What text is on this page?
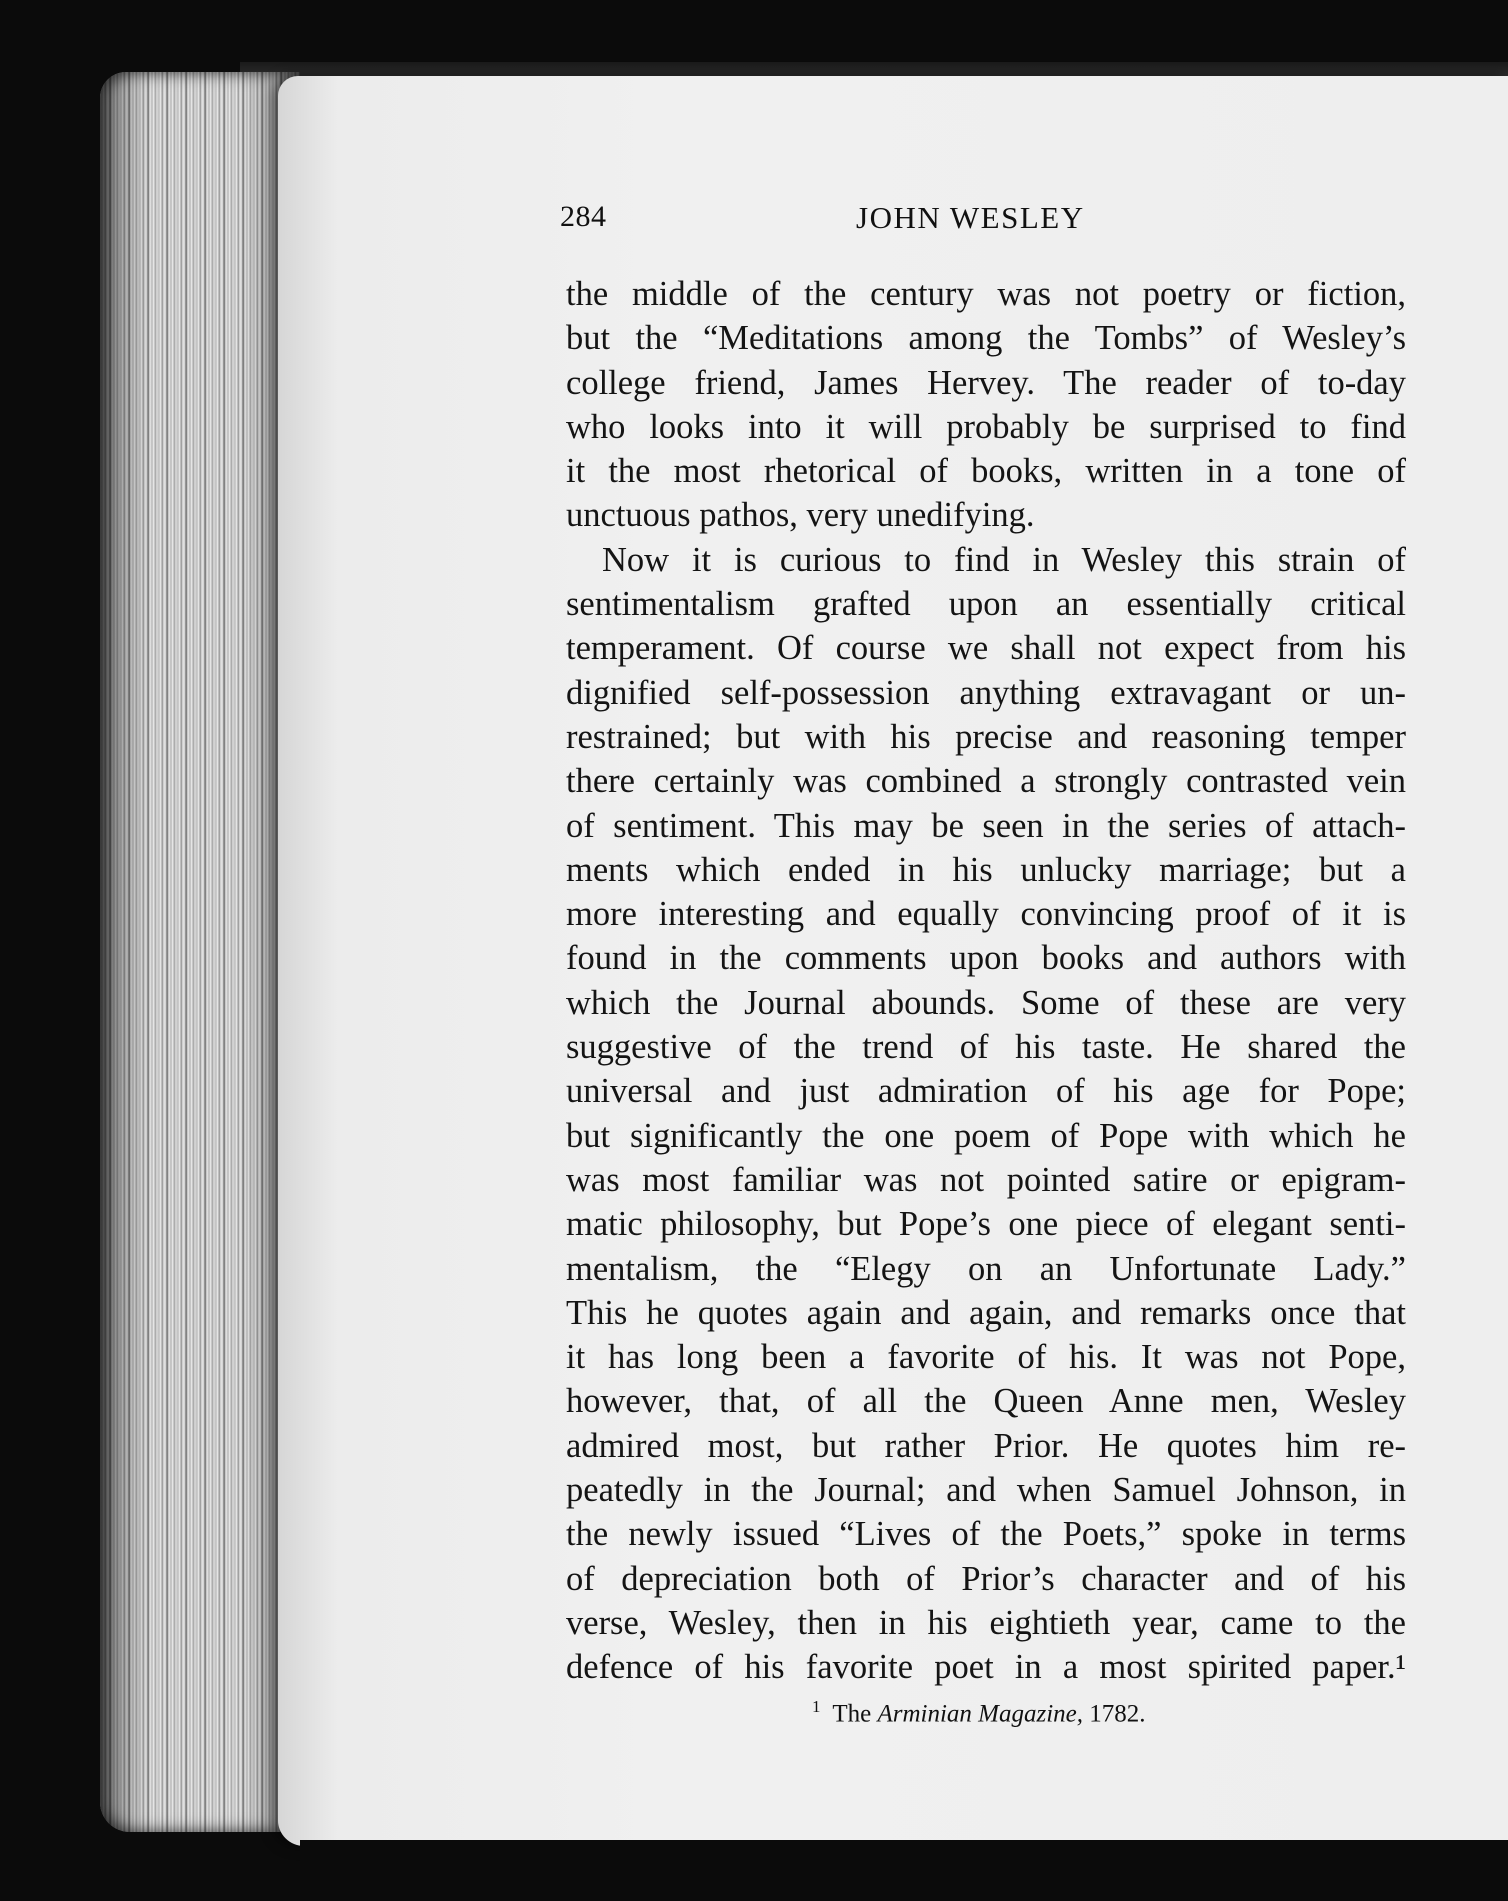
284	JOHN WESLEY
the middle of the century was not poetry or fiction,
but the “Meditations among the Tombs” of Wesley’s
college friend, James Hervey. The reader of to-day
who looks into it will probably be surprised to find
it the most rhetorical of books, written in a tone of
unctuous pathos, very unedifying.
Now it is curious to find in Wesley this strain of
sentimentalism grafted upon an essentially critical
temperament. Of course we shall not expect from his
dignified self-possession anything extravagant or un-
restrained; but with his precise and reasoning temper
there certainly was combined a strongly contrasted vein
of sentiment. This may be seen in the series of attach-
ments which ended in his unlucky marriage; but a
more interesting and equally convincing proof of it is
found in the comments upon books and authors with
which the Journal abounds. Some of these are very
suggestive of the trend of his taste. He shared the
universal and just admiration of his age for Pope;
but significantly the one poem of Pope with which he
was most familiar was not pointed satire or epigram-
matic philosophy, but Pope’s one piece of elegant senti-
mentalism, the “Elegy on an Unfortunate Lady.”
This he quotes again and again, and remarks once that
it has long been a favorite of his. It was not Pope,
however, that, of all the Queen Anne men, Wesley
admired most, but rather Prior. He quotes him re-
peatedly in the Journal; and when Samuel Johnson, in
the newly issued “Lives of the Poets,” spoke in terms
of depreciation both of Prior’s character and of his
verse, Wesley, then in his eightieth year, came to the
defence of his favorite poet in a most spirited paper.¹
$^1$ The Arminian Magazine, 1782.
